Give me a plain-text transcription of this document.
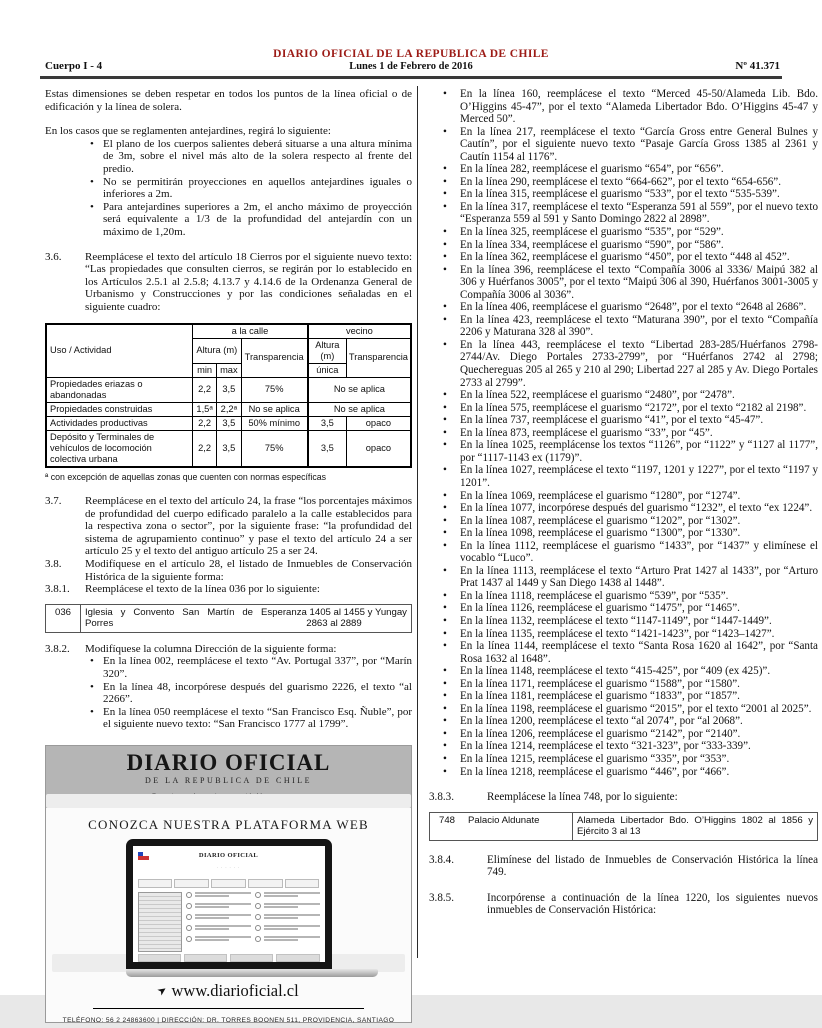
Cuerpo I - 4
DIARIO OFICIAL DE LA REPUBLICA DE CHILE
Lunes 1 de Febrero de 2016	Nº 41.371

Estas dimensiones se deben respetar en todos los puntos de la línea oficial o de edificación y la línea de solera.

En los casos que se reglamenten antejardines, regirá lo siguiente:

• El plano de los cuerpos salientes deberá situarse a una altura mínima de 3m, sobre el nivel más alto de la solera respecto al frente del predio.
• No se permitirán proyecciones en aquellos antejardines iguales o inferiores a 2m.
• Para antejardines superiores a 2m, el ancho máximo de proyección será equivalente a 1/3 de la profundidad del antejardín con un máximo de 1,20m.
3.6.	Reemplácese el texto del artículo 18 Cierros por el siguiente nuevo texto: “Las propiedades que consulten cierros, se regirán por lo establecido en los Artículos 2.5.1 al 2.5.8; 4.13.7 y 4.14.6 de la Ordenanza General de Urbanismo y Construcciones y por las condiciones señaladas en el siguiente cuadro:
Uso / Actividad	a la calle			vecino	
	Altura (m)		Transparencia	Altura (m)	Transparencia
	min	max		única	
Propiedades eriazas o abandonadas	2,2	3,5	75%	No se aplica	
Propiedades construidas	1,5ᵃ	2,2ᵃ	No se aplica	No se aplica	
Actividades productivas	2,2	3,5	50% mínimo	3,5	opaco
Depósito y Terminales de vehículos de locomoción colectiva urbana	2,2	3,5	75%	3,5	opaco
ª con excepción de aquellas zonas que cuenten con normas específicas
3.7.	Reemplácese en el texto del artículo 24, la frase “los porcentajes máximos de profundidad del cuerpo edificado paralelo a la calle establecidos para la respectiva zona o sector”, por la siguiente frase: “la profundidad del sistema de agrupamiento continuo” y pase el texto del artículo 24 a ser artículo 25 y el texto del antiguo artículo 25 a ser 24.
3.8.	Modifíquese en el artículo 28, el listado de Inmuebles de Conservación Histórica de la siguiente forma:
3.8.1.	Reemplácese el texto de la línea 036 por lo siguiente:
036	Iglesia y Convento San Martín de Porres	Esperanza 1405 al 1455 y Yungay 2863 al 2889
3.8.2.	Modifíquese la columna Dirección de la siguiente forma:
• En la línea 002, reemplácese el texto “Av. Portugal 337”, por “Marín 320”.
• En la línea 48, incorpórese después del guarismo 2226, el texto “al 2266”.
• En la línea 050 reemplácese el texto “San Francisco Esq. Ñuble”, por el siguiente nuevo texto: “San Francisco 1777 al 1799”.
DIARIO OFICIAL
DE LA REPUBLICA DE CHILE
CONOZCA NUESTRA PLATAFORMA WEB
DIARIO OFICIAL
· · · · · ·
➤www.diarioficial.cl
TELÉFONO: 56 2 24863600 | DIRECCIÓN: DR. TORRES BOONEN 511, PROVIDENCIA, SANTIAGO
•	En la línea 160, reemplácese el texto “Merced 45-50/Alameda Lib. Bdo. O’Higgins 45-47”, por el texto “Alameda Libertador Bdo. O’Higgins 45-47 y Merced 50”.
•	En la línea 217, reemplácese el texto “García Gross entre General Bulnes y Cautín”, por el siguiente nuevo texto “Pasaje García Gross 1385 al 2361 y Cautín 1154 al 1176”.
•	En la línea 282, reemplácese el guarismo “654”, por “656”.
•	En la línea 290, reemplácese el texto “664-662”, por el texto “654-656”.
•	En la línea 315, reemplácese el guarismo “533”, por el texto “535-539”.
•	En la línea 317, reemplácese el texto “Esperanza 591 al 559”, por el nuevo texto “Esperanza 559 al 591 y Santo Domingo 2822 al 2898”.
•	En la línea 325, reemplácese el guarismo “535”, por “529”.
•	En la línea 334, reemplácese el guarismo “590”, por “586”.
•	En la línea 362, reemplácese el guarismo “450”, por el texto “448 al 452”.
•	En la línea 396, reemplácese el texto “Compañía 3006 al 3336/ Maipú 382 al 306 y Huérfanos 3005”, por el texto “Maipú 306 al 390, Huérfanos 3001-3005 y Compañía 3006 al 3036”.
•	En la línea 406, reemplácese el guarismo “2648”, por el texto “2648 al 2686”.
•	En la línea 423, reemplácese el texto “Maturana 390”, por el texto “Compañía 2206 y Maturana 328 al 390”.
•	En la línea 443, reemplácese el texto “Libertad 283-285/Huérfanos 2798-2744/Av. Diego Portales 2733-2799”, por “Huérfanos 2742 al 2798; Quechereguas 205 al 265 y 210 al 290; Libertad 227 al 285 y Av. Diego Portales 2733 al 2799”.
•	En la línea 522, reemplácese el guarismo “2480”, por “2478”.
•	En la línea 575, reemplácese el guarismo “2172”, por el texto “2182 al 2198”.
•	En la línea 737, reemplácese el guarismo “41”, por el texto “45-47”.
•	En la línea 873, reemplácese el guarismo “33”, por “45”.
•	En la línea 1025, reemplácense los textos “1126”, por “1122” y “1127 al 1177”, por “1117-1143 ex (1179)”.
•	En la línea 1027, reemplácese el texto “1197, 1201 y 1227”, por el texto “1197 y 1201”.
•	En la línea 1069, reemplácese el guarismo “1280”, por “1274”.
•	En la línea 1077, incorpórese después del guarismo “1232”, el texto “ex 1224”.
•	En la línea 1087, reemplácese el guarismo “1202”, por “1302”.
•	En la línea 1098, reemplácese el guarismo “1300”, por “1330”.
•	En la línea 1112, reemplácese el guarismo “1433”, por “1437” y elimínese el vocablo “Luco”.
•	En la línea 1113, reemplácese el texto “Arturo Prat 1427 al 1433”, por “Arturo Prat 1437 al 1449 y San Diego 1438 al 1448”.
•	En la línea 1118, reemplácese el guarismo “539”, por “535”.
•	En la línea 1126, reemplácese el guarismo “1475”, por “1465”.
•	En la línea 1132, reemplácese el texto “1147-1149”, por “1447-1449”.
•	En la línea 1135, reemplácese el texto “1421-1423”, por “1423–1427”.
•	En la línea 1144, reemplácese el texto “Santa Rosa 1620 al 1642”, por “Santa Rosa 1632 al 1648”.
•	En la línea 1148, reemplácese el texto “415-425”, por “409 (ex 425)”.
•	En la línea 1171, reemplácese el guarismo “1588”, por “1580”.
•	En la línea 1181, reemplácese el guarismo “1833”, por “1857”.
•	En la línea 1198, reemplácese el guarismo “2015”, por el texto “2001 al 2025”.
•	En la línea 1200, reemplácese el texto “al 2074”, por “al 2068”.
•	En la línea 1206, reemplácese el guarismo “2142”, por “2140”.
•	En la línea 1214, reemplácese el texto “321-323”, por “333-339”.
•	En la línea 1215, reemplácese el guarismo “335”, por “353”.
•	En la línea 1218, reemplácese el guarismo “446”, por “466”.
3.8.3.	Reemplácese la línea 748, por lo siguiente:
748	Palacio Aldunate	Alameda Libertador Bdo. O’Higgins 1802 al 1856 y Ejército 3 al 13
3.8.4.	Elimínese del listado de Inmuebles de Conservación Histórica la línea 749.
3.8.5.	Incorpórense a continuación de la línea 1220, los siguientes nuevos inmuebles de Conservación Histórica:
